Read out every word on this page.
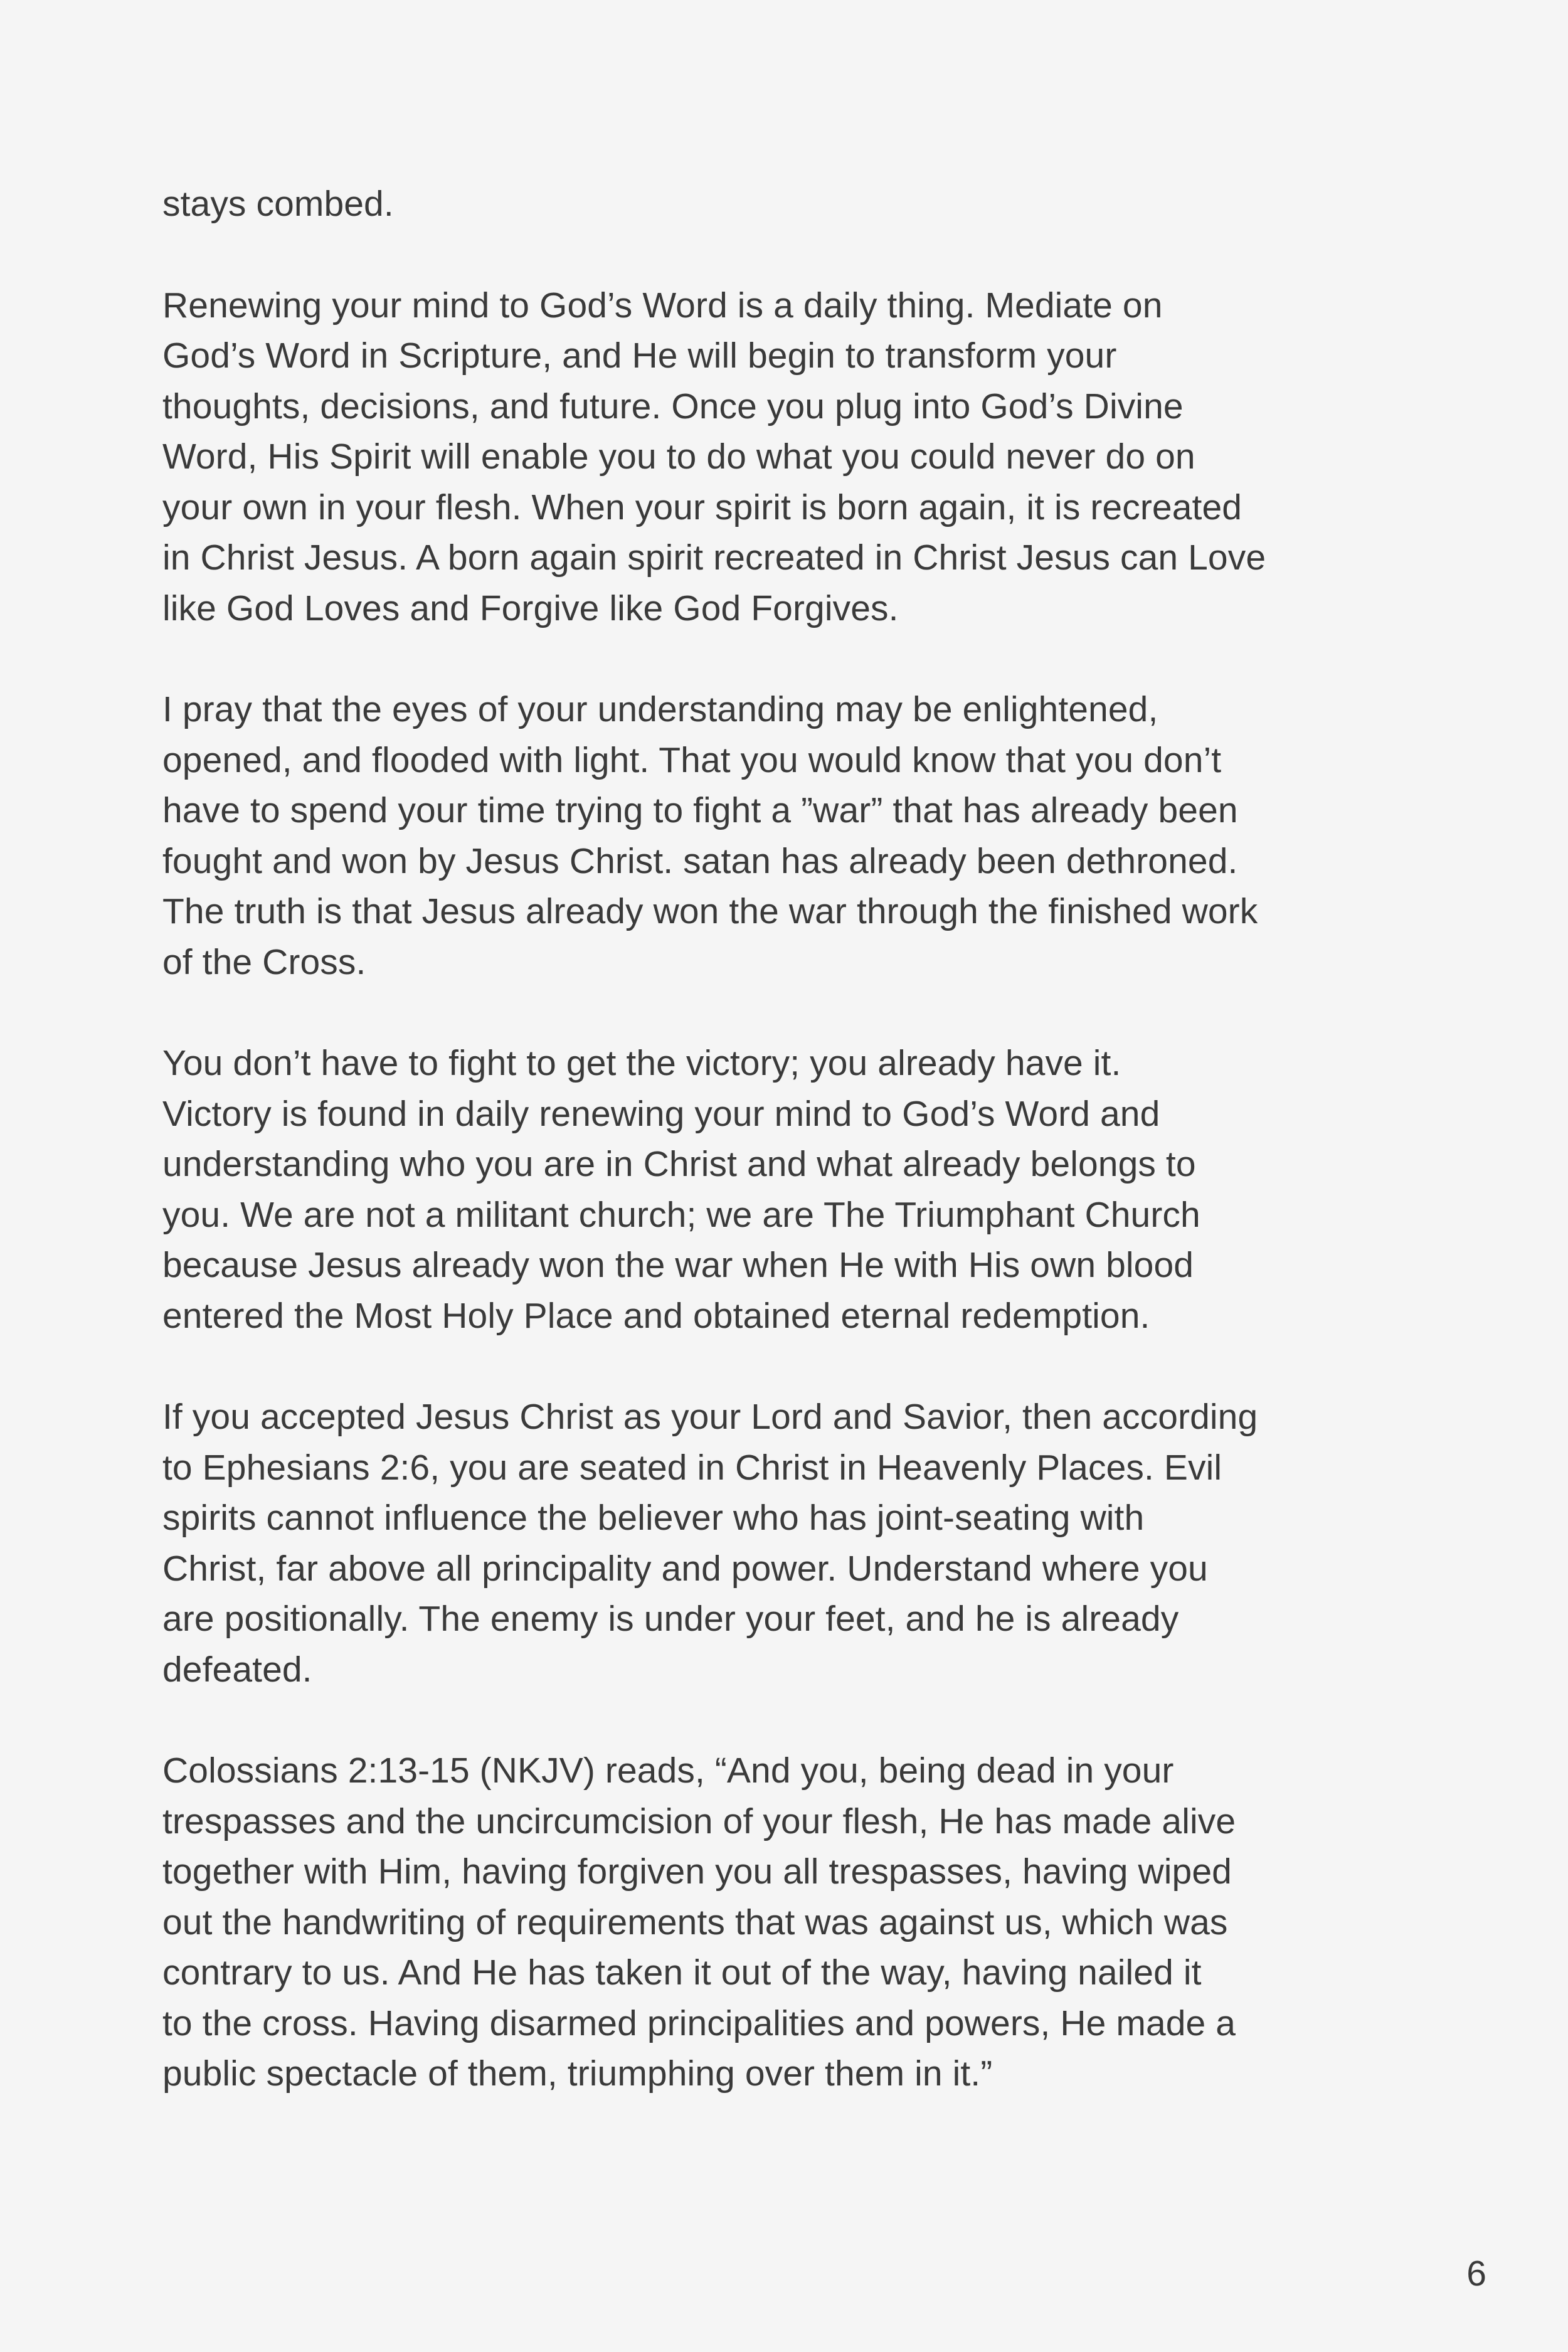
stays combed.

Renewing your mind to God’s Word is a daily thing. Mediate on
God’s Word in Scripture, and He will begin to transform your
thoughts, decisions, and future. Once you plug into God’s Divine
Word, His Spirit will enable you to do what you could never do on
your own in your flesh. When your spirit is born again, it is recreated
in Christ Jesus. A born again spirit recreated in Christ Jesus can Love
like God Loves and Forgive like God Forgives.

I pray that the eyes of your understanding may be enlightened,
opened, and flooded with light. That you would know that you don’t
have to spend your time trying to fight a ”war” that has already been
fought and won by Jesus Christ. satan has already been dethroned.
The truth is that Jesus already won the war through the finished work
of the Cross.

You don’t have to fight to get the victory; you already have it.
Victory is found in daily renewing your mind to God’s Word and
understanding who you are in Christ and what already belongs to
you. We are not a militant church; we are The Triumphant Church
because Jesus already won the war when He with His own blood
entered the Most Holy Place and obtained eternal redemption.

If you accepted Jesus Christ as your Lord and Savior, then according
to Ephesians 2:6, you are seated in Christ in Heavenly Places. Evil
spirits cannot influence the believer who has joint-seating with
Christ, far above all principality and power. Understand where you
are positionally. The enemy is under your feet, and he is already
defeated.

Colossians 2:13-15 (NKJV) reads, “And you, being dead in your
trespasses and the uncircumcision of your flesh, He has made alive
together with Him, having forgiven you all trespasses, having wiped
out the handwriting of requirements that was against us, which was
contrary to us. And He has taken it out of the way, having nailed it
to the cross. Having disarmed principalities and powers, He made a
public spectacle of them, triumphing over them in it.”

6
